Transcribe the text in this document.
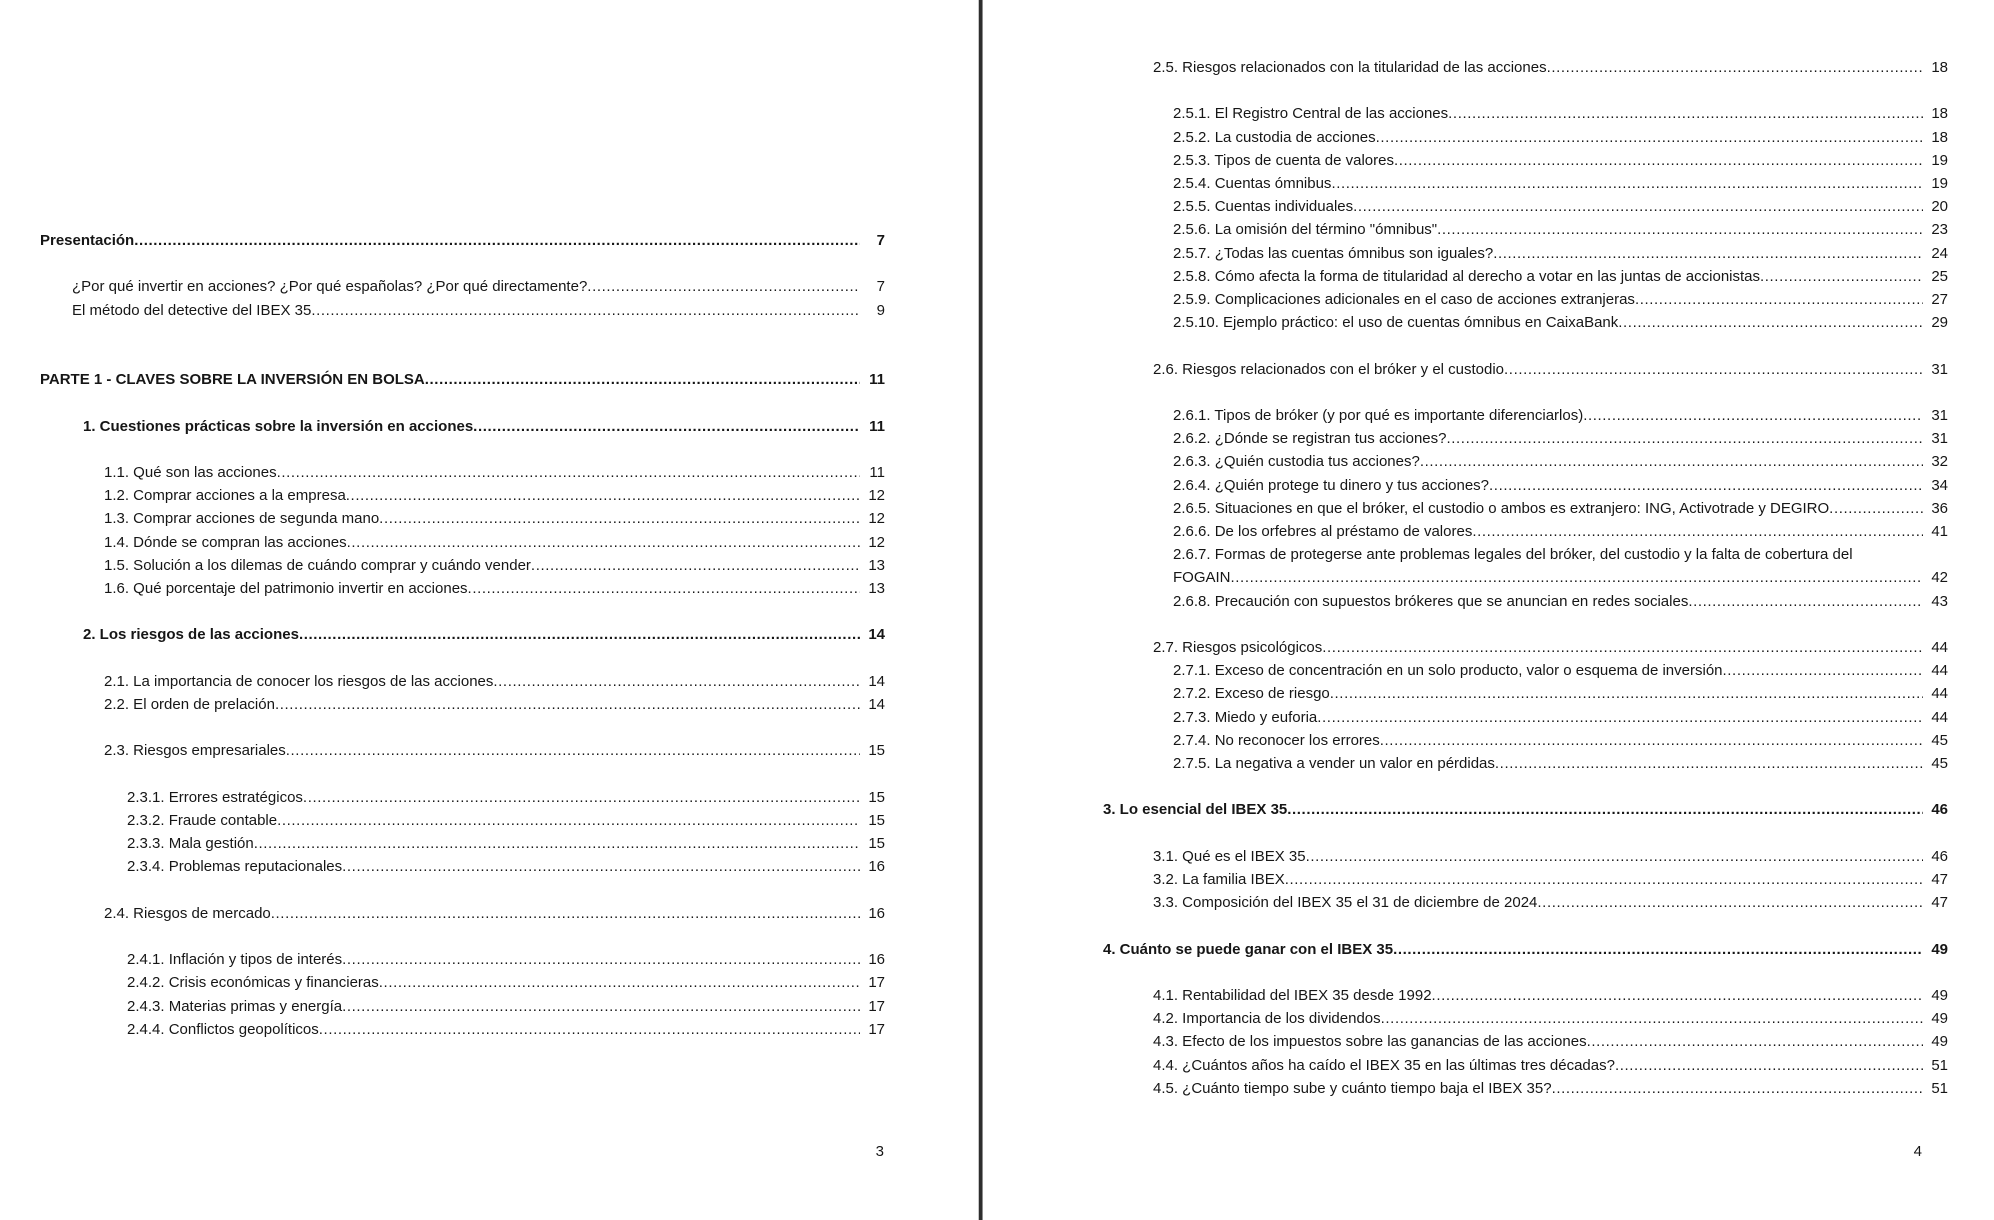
Presentación .....	7
¿Por qué invertir en acciones? ¿Por qué españolas? ¿Por qué directamente? .....	7
El método del detective del IBEX 35 .....	9
PARTE 1 - CLAVES SOBRE LA INVERSIÓN EN BOLSA .....	11
1. Cuestiones prácticas sobre la inversión en acciones .....	11
1.1. Qué son las acciones .....	11
1.2. Comprar acciones a la empresa .....	12
1.3. Comprar acciones de segunda mano .....	12
1.4. Dónde se compran las acciones .....	12
1.5. Solución a los dilemas de cuándo comprar y cuándo vender .....	13
1.6. Qué porcentaje del patrimonio invertir en acciones .....	13
2. Los riesgos de las acciones .....	14
2.1. La importancia de conocer los riesgos de las acciones .....	14
2.2. El orden de prelación .....	14
2.3. Riesgos empresariales .....	15
2.3.1. Errores estratégicos .....	15
2.3.2. Fraude contable .....	15
2.3.3. Mala gestión .....	15
2.3.4. Problemas reputacionales .....	16
2.4. Riesgos de mercado .....	16
2.4.1. Inflación y tipos de interés .....	16
2.4.2. Crisis económicas y financieras .....	17
2.4.3. Materias primas y energía .....	17
2.4.4. Conflictos geopolíticos .....	17
3
2.5. Riesgos relacionados con la titularidad de las acciones .....	18
2.5.1. El Registro Central de las acciones .....	18
2.5.2. La custodia de acciones .....	18
2.5.3. Tipos de cuenta de valores .....	19
2.5.4. Cuentas ómnibus .....	19
2.5.5. Cuentas individuales .....	20
2.5.6. La omisión del término "ómnibus" .....	23
2.5.7. ¿Todas las cuentas ómnibus son iguales? .....	24
2.5.8. Cómo afecta la forma de titularidad al derecho a votar en las juntas de accionistas .....	25
2.5.9. Complicaciones adicionales en el caso de acciones extranjeras .....	27
2.5.10. Ejemplo práctico: el uso de cuentas ómnibus en CaixaBank .....	29
2.6. Riesgos relacionados con el bróker y el custodio .....	31
2.6.1. Tipos de bróker (y por qué es importante diferenciarlos) .....	31
2.6.2. ¿Dónde se registran tus acciones? .....	31
2.6.3. ¿Quién custodia tus acciones? .....	32
2.6.4. ¿Quién protege tu dinero y tus acciones? .....	34
2.6.5. Situaciones en que el bróker, el custodio o ambos es extranjero: ING, Activotrade y DEGIRO .....	36
2.6.6. De los orfebres al préstamo de valores .....	41
2.6.7. Formas de protegerse ante problemas legales del bróker, del custodio y la falta de cobertura del
FOGAIN .....	42
2.6.8. Precaución con supuestos brókeres que se anuncian en redes sociales .....	43
2.7. Riesgos psicológicos .....	44
2.7.1. Exceso de concentración en un solo producto, valor o esquema de inversión .....	44
2.7.2. Exceso de riesgo .....	44
2.7.3. Miedo y euforia .....	44
2.7.4. No reconocer los errores .....	45
2.7.5. La negativa a vender un valor en pérdidas .....	45
3. Lo esencial del IBEX 35 .....	46
3.1. Qué es el IBEX 35 .....	46
3.2. La familia IBEX .....	47
3.3. Composición del IBEX 35 el 31 de diciembre de 2024 .....	47
4. Cuánto se puede ganar con el IBEX 35 .....	49
4.1. Rentabilidad del IBEX 35 desde 1992 .....	49
4.2. Importancia de los dividendos .....	49
4.3. Efecto de los impuestos sobre las ganancias de las acciones .....	49
4.4. ¿Cuántos años ha caído el IBEX 35 en las últimas tres décadas? .....	51
4.5. ¿Cuánto tiempo sube y cuánto tiempo baja el IBEX 35? .....	51
4
